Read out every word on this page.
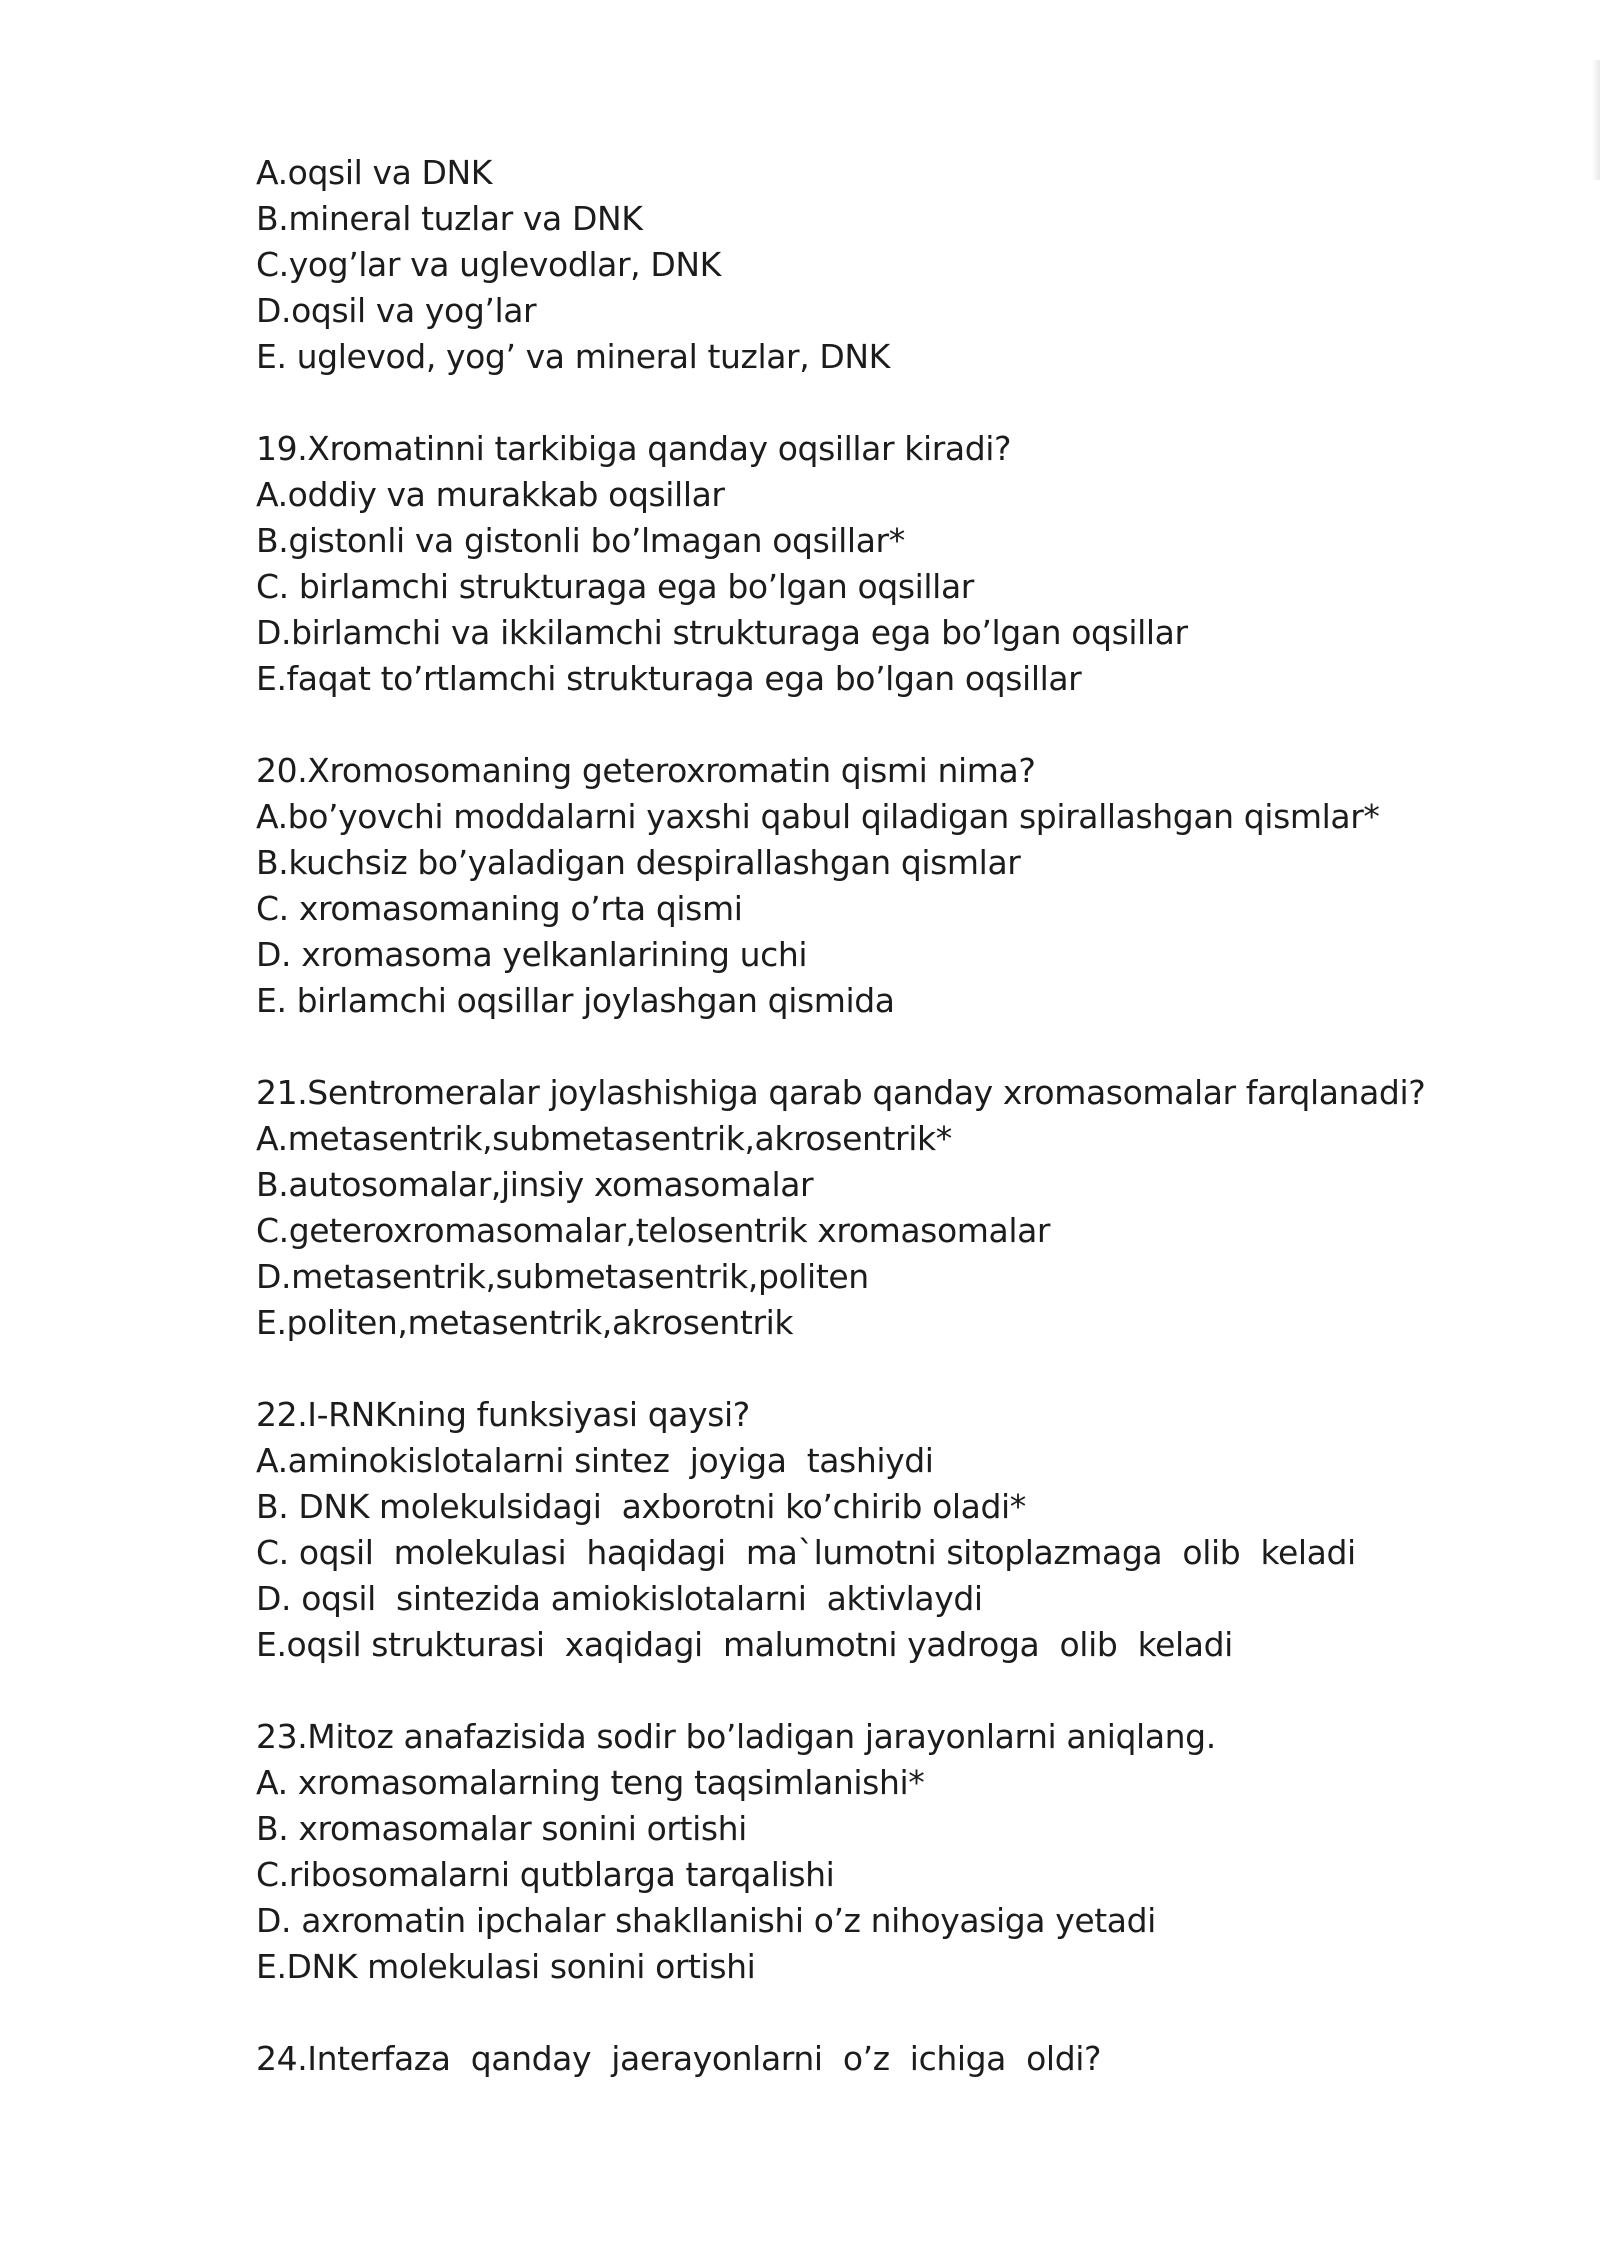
A.oqsil va DNK
B.mineral tuzlar va DNK
C.yog’lar va uglevodlar, DNK
D.oqsil va yog’lar
E. uglevod, yog’ va mineral tuzlar, DNK
19.Xromatinni tarkibiga qanday oqsillar kiradi?
A.oddiy va murakkab oqsillar
B.gistonli va gistonli bo’lmagan oqsillar*
C. birlamchi strukturaga ega bo’lgan oqsillar
D.birlamchi va ikkilamchi strukturaga ega bo’lgan oqsillar
E.faqat to’rtlamchi strukturaga ega bo’lgan oqsillar
20.Xromosomaning geteroxromatin qismi nima?
A.bo’yovchi moddalarni yaxshi qabul qiladigan spirallashgan qismlar*
B.kuchsiz bo’yaladigan despirallashgan qismlar
C. xromasomaning o’rta qismi
D. xromasoma yelkanlarining uchi
E. birlamchi oqsillar joylashgan qismida
21.Sentromeralar joylashishiga qarab qanday xromasomalar farqlanadi?
A.metasentrik,submetasentrik,akrosentrik*
B.autosomalar,jinsiy xomasomalar
C.geteroxromasomalar,telosentrik xromasomalar
D.metasentrik,submetasentrik,politen
E.politen,metasentrik,akrosentrik
22.I-RNKning funksiyasi qaysi?
A.aminokislotalarni sintez  joyiga  tashiydi
B. DNK molekulsidagi  axborotni ko’chirib oladi*
C. oqsil  molekulasi  haqidagi  ma`lumotni sitoplazmaga  olib  keladi
D. oqsil  sintezida amiokislotalarni  aktivlaydi
E.oqsil strukturasi  xaqidagi  malumotni yadroga  olib  keladi
23.Mitoz anafazisida sodir bo’ladigan jarayonlarni aniqlang.
A. xromasomalarning teng taqsimlanishi*
B. xromasomalar sonini ortishi
C.ribosomalarni qutblarga tarqalishi
D. axromatin ipchalar shakllanishi o’z nihoyasiga yetadi
E.DNK molekulasi sonini ortishi
24.Interfaza  qanday  jaerayonlarni  o’z  ichiga  oldi?
